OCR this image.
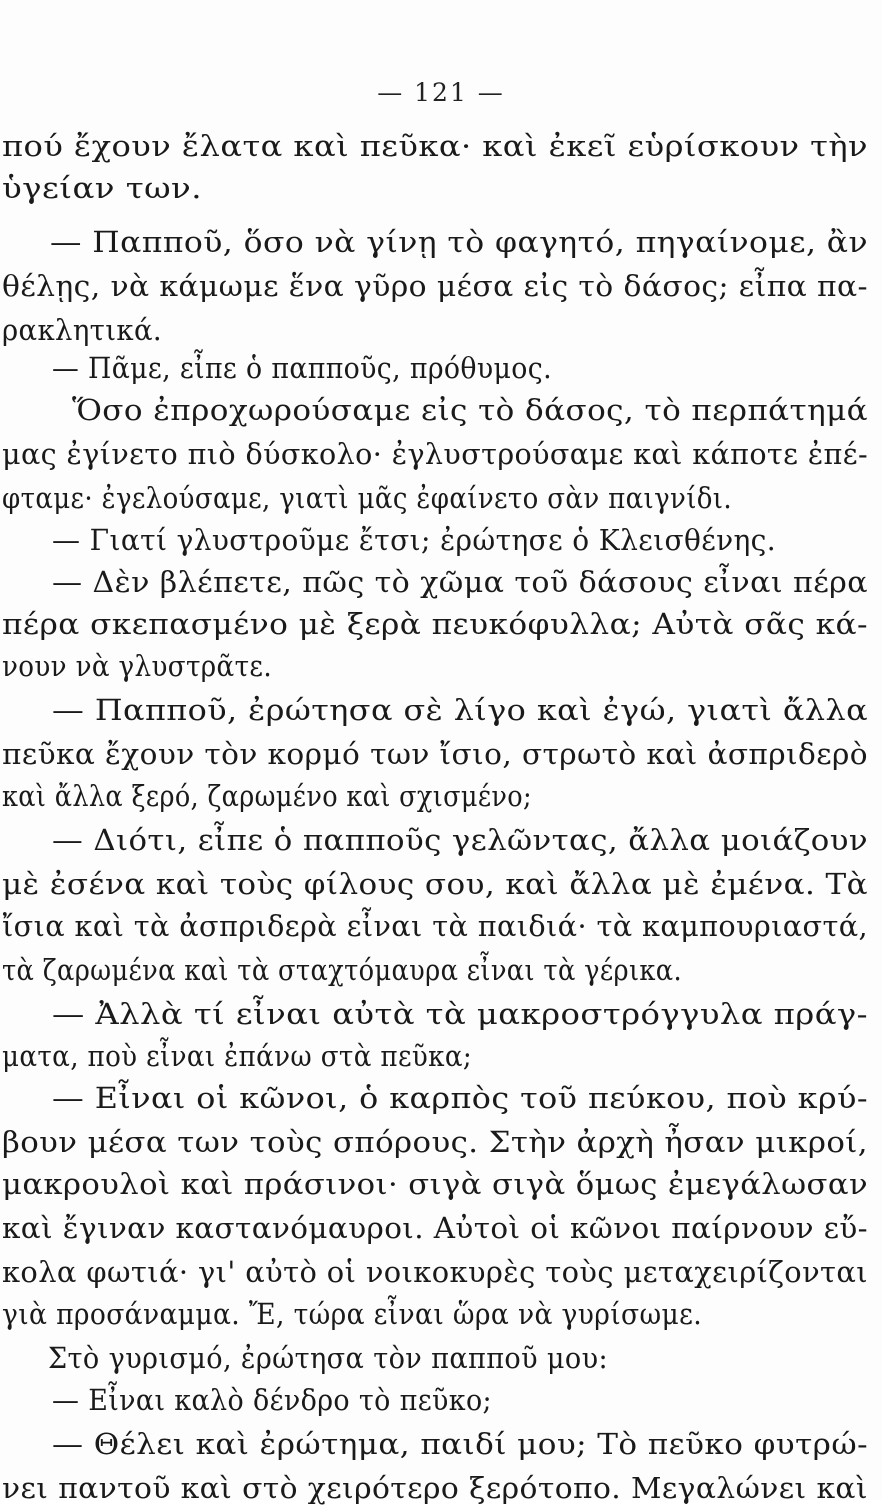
— 121 —
πού ἔχουν ἔλατα καὶ πεῦκα· καὶ ἐκεῖ εὑρίσκουν τὴν
ὑγείαν των.
— Παπποῦ, ὅσο νὰ γίνῃ τὸ φαγητό, πηγαίνομε, ἂν
θέλῃς, νὰ κάμωμε ἕνα γῦρο μέσα εἰς τὸ δάσος; εἶπα πα-
ρακλητικά.
— Πᾶμε, εἶπε ὁ παπποῦς, πρόθυμος.
Ὅσο ἐπροχωρούσαμε εἰς τὸ δάσος, τὸ περπάτημά
μας ἐγίνετο πιὸ δύσκολο· ἐγλυστρούσαμε καὶ κάποτε ἐπέ-
φταμε· ἐγελούσαμε, γιατὶ μᾶς ἐφαίνετο σὰν παιγνίδι.
— Γιατί γλυστροῦμε ἔτσι; ἐρώτησε ὁ Κλεισθένης.
— Δὲν βλέπετε, πῶς τὸ χῶμα τοῦ δάσους εἶναι πέρα
πέρα σκεπασμένο μὲ ξερὰ πευκόφυλλα; Αὐτὰ σᾶς κά-
νουν νὰ γλυστρᾶτε.
— Παπποῦ, ἐρώτησα σὲ λίγο καὶ ἐγώ, γιατὶ ἄλλα
πεῦκα ἔχουν τὸν κορμό των ἴσιο, στρωτὸ καὶ ἀσπριδερὸ
καὶ ἄλλα ξερό, ζαρωμένο καὶ σχισμένο;
— Διότι, εἶπε ὁ παπποῦς γελῶντας, ἄλλα μοιάζουν
μὲ ἐσένα καὶ τοὺς φίλους σου, καὶ ἄλλα μὲ ἐμένα. Τὰ
ἴσια καὶ τὰ ἀσπριδερὰ εἶναι τὰ παιδιά· τὰ καμπουριαστά,
τὰ ζαρωμένα καὶ τὰ σταχτόμαυρα εἶναι τὰ γέρικα.
— Ἀλλὰ τί εἶναι αὐτὰ τὰ μακροστρόγγυλα πράγ-
ματα, ποὺ εἶναι ἐπάνω στὰ πεῦκα;
— Εἶναι οἱ κῶνοι, ὁ καρπὸς τοῦ πεύκου, ποὺ κρύ-
βουν μέσα των τοὺς σπόρους. Στὴν ἀρχὴ ἦσαν μικροί,
μακρουλοὶ καὶ πράσινοι· σιγὰ σιγὰ ὅμως ἐμεγάλωσαν
καὶ ἔγιναν καστανόμαυροι. Αὐτοὶ οἱ κῶνοι παίρνουν εὔ-
κολα φωτιά· γι' αὐτὸ οἱ νοικοκυρὲς τοὺς μεταχειρίζονται
γιὰ προσάναμμα. Ἔ, τώρα εἶναι ὥρα νὰ γυρίσωμε.
Στὸ γυρισμό, ἐρώτησα τὸν παπποῦ μου:
— Εἶναι καλὸ δένδρο τὸ πεῦκο;
— Θέλει καὶ ἐρώτημα, παιδί μου; Τὸ πεῦκο φυτρώ-
νει παντοῦ καὶ στὸ χειρότερο ξερότοπο. Μεγαλώνει καὶ
